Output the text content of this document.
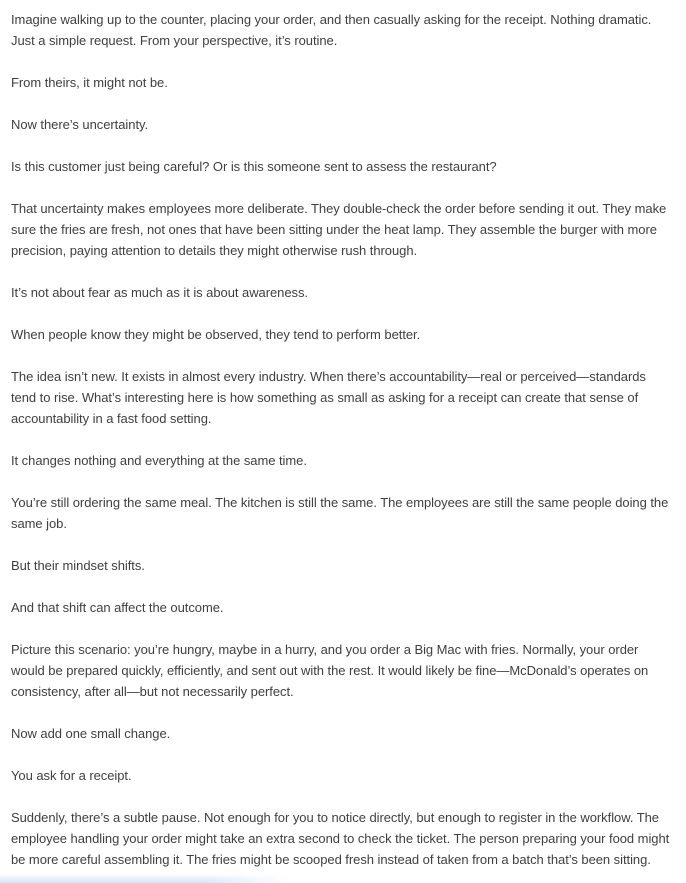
Imagine walking up to the counter, placing your order, and then casually asking for the receipt. Nothing dramatic. Just a simple request. From your perspective, it’s routine.

From theirs, it might not be.

Now there’s uncertainty.

Is this customer just being careful? Or is this someone sent to assess the restaurant?

That uncertainty makes employees more deliberate. They double-check the order before sending it out. They make sure the fries are fresh, not ones that have been sitting under the heat lamp. They assemble the burger with more precision, paying attention to details they might otherwise rush through.

It’s not about fear as much as it is about awareness.

When people know they might be observed, they tend to perform better.

The idea isn’t new. It exists in almost every industry. When there’s accountability—real or perceived—standards tend to rise. What’s interesting here is how something as small as asking for a receipt can create that sense of accountability in a fast food setting.

It changes nothing and everything at the same time.

You’re still ordering the same meal. The kitchen is still the same. The employees are still the same people doing the same job.

But their mindset shifts.

And that shift can affect the outcome.

Picture this scenario: you’re hungry, maybe in a hurry, and you order a Big Mac with fries. Normally, your order would be prepared quickly, efficiently, and sent out with the rest. It would likely be fine—McDonald’s operates on consistency, after all—but not necessarily perfect.

Now add one small change.

You ask for a receipt.

Suddenly, there’s a subtle pause. Not enough for you to notice directly, but enough to register in the workflow. The employee handling your order might take an extra second to check the ticket. The person preparing your food might be more careful assembling it. The fries might be scooped fresh instead of taken from a batch that’s been sitting.
